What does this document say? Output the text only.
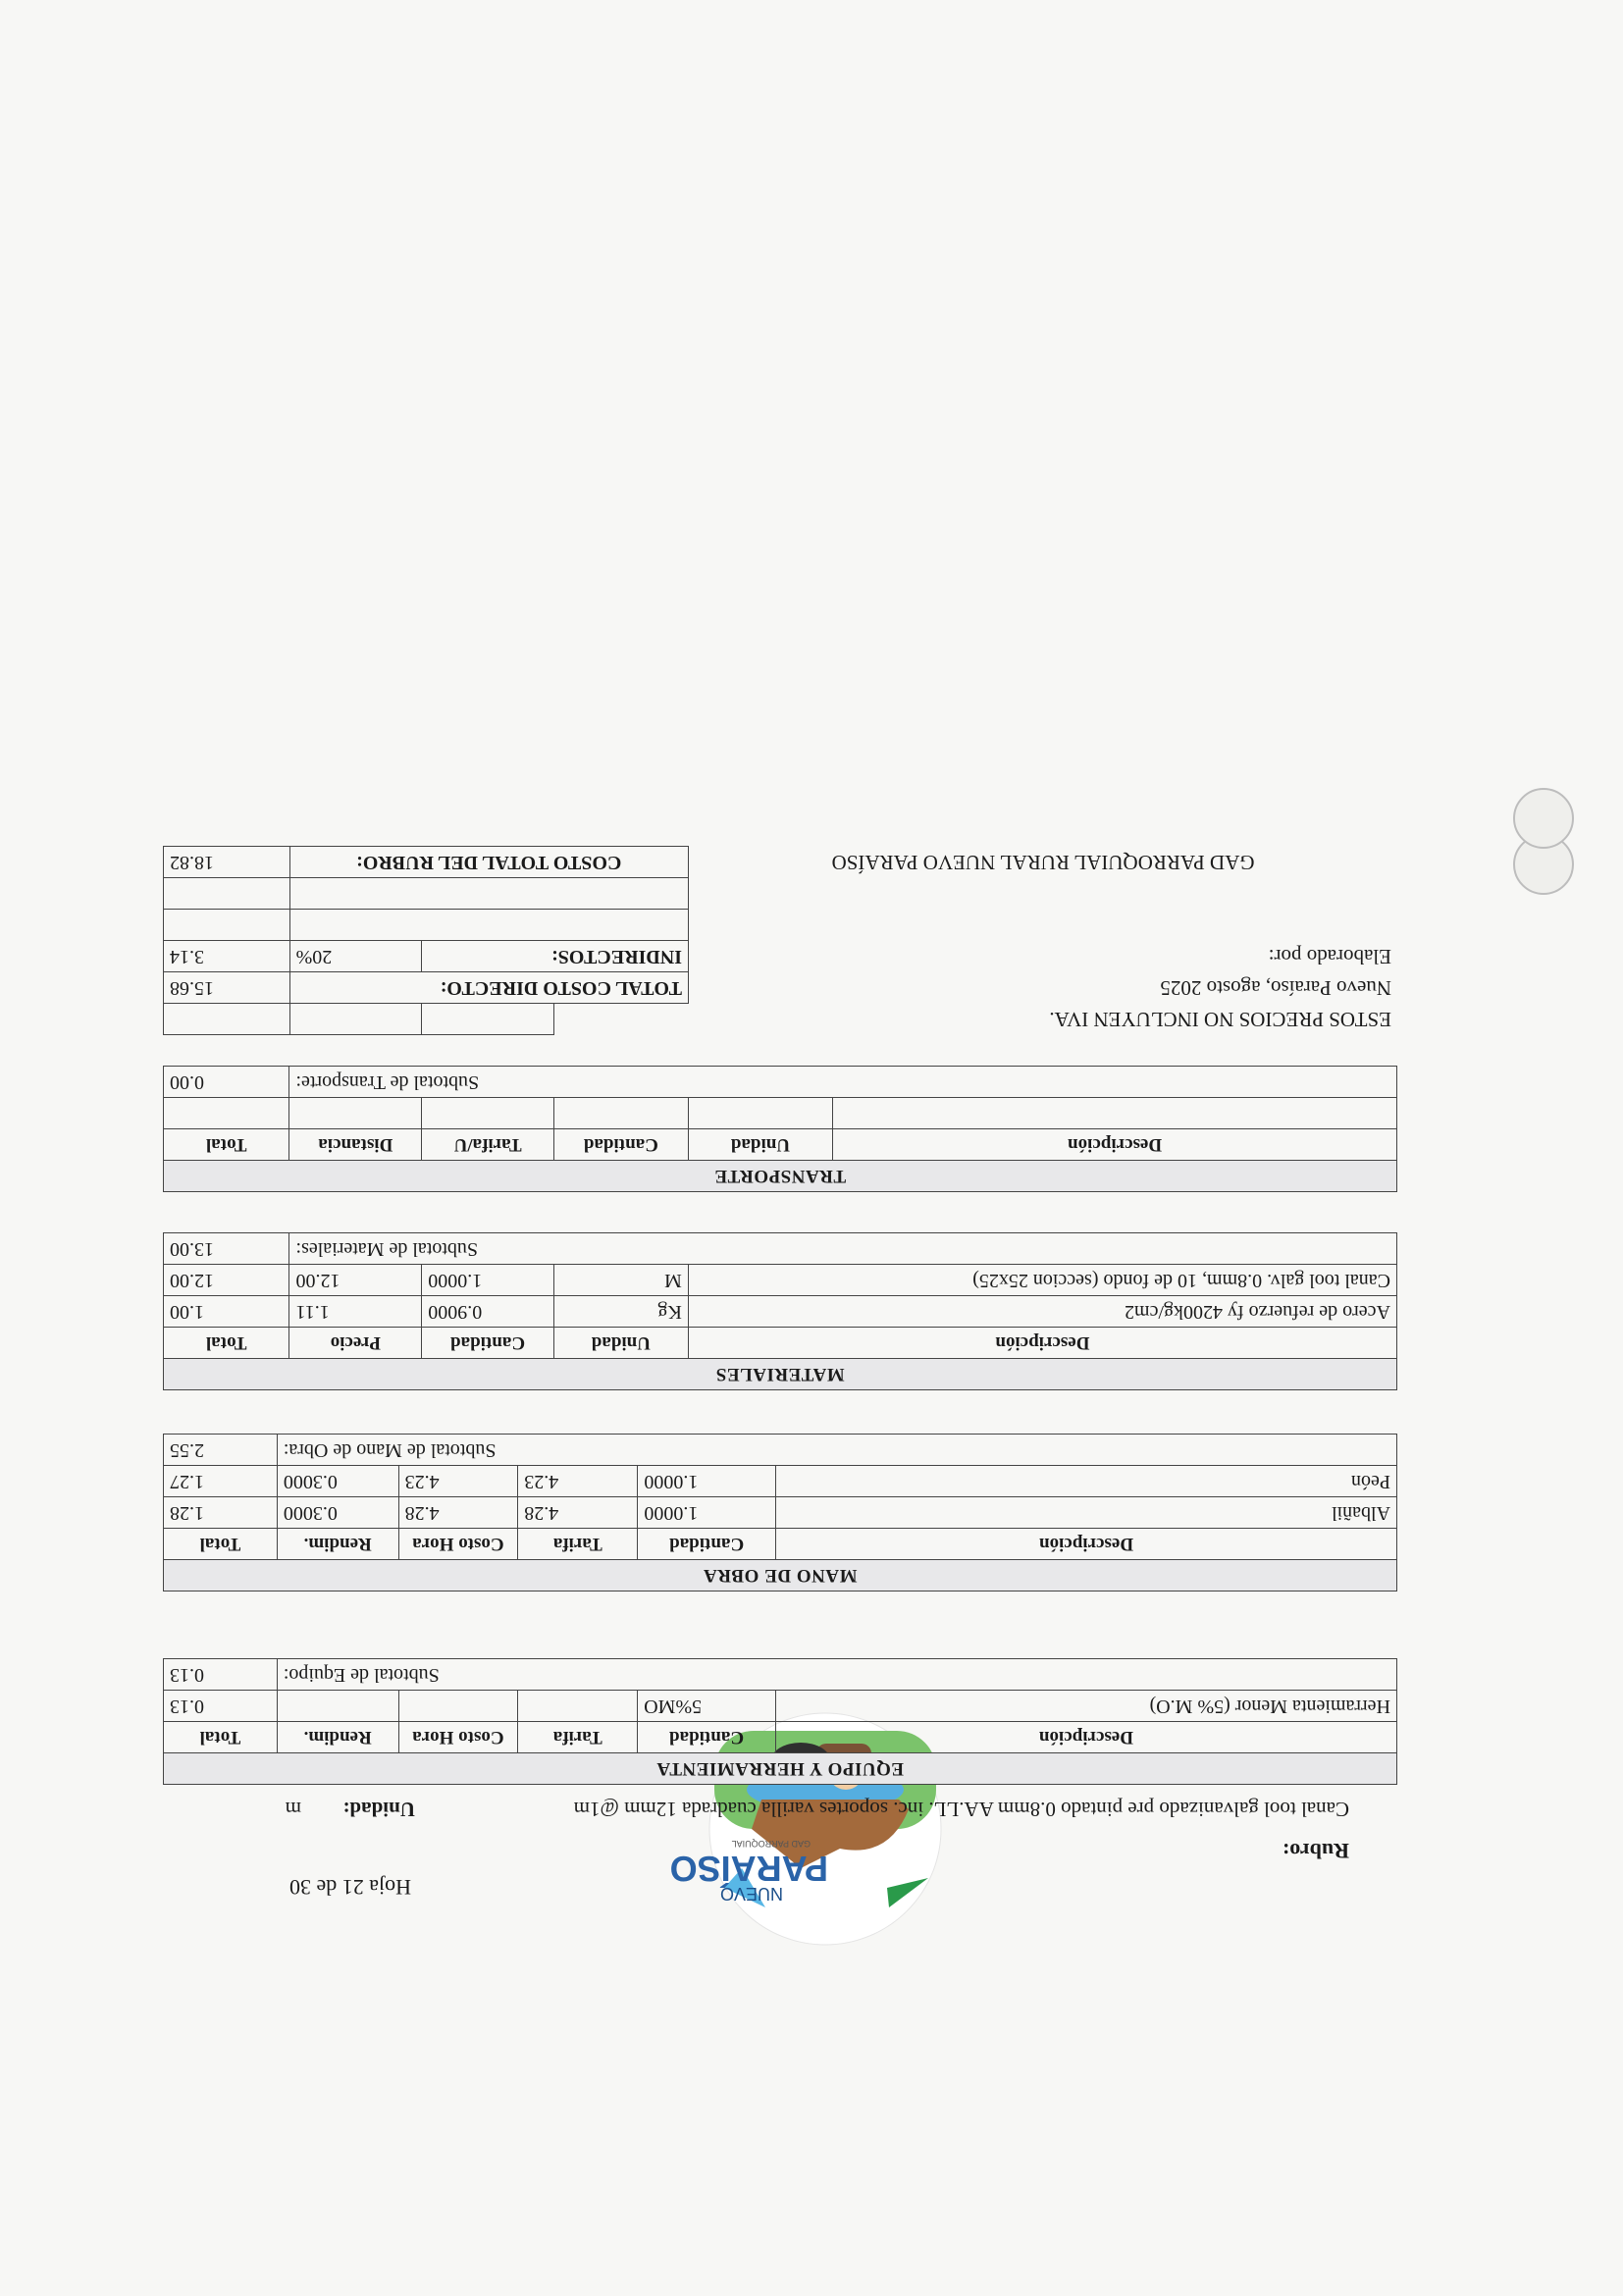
NUEVO
PARAÍSO
GAD PARROQUIAL
Hoja 21 de 30
Rubro:
Canal tool galvanizado pre pintado 0.8mm AA.LL. inc. soportes varilla cuadrada 12mm @1m
Unidad:
m
EQUIPO Y HERRAMIENTA					
Descripción	Cantidad	Tarifa	Costo Hora	Rendim.	Total
Herramienta Menor (5% M.O)	5%MO				0.13
Subtotal de Equipo:					0.13
MANO DE OBRA					
Descripción	Cantidad	Tarifa	Costo Hora	Rendim.	Total
Albañil	1.0000	4.28	4.28	0.3000	1.28
Peón	1.0000	4.23	4.23	0.3000	1.27
Subtotal de Mano de Obra:					2.55
MATERIALES				
Descripción	Unidad	Cantidad	Precio	Total
Acero de refuerzo fy 4200kg/cm2	Kg	0.9000	1.11	1.00
Canal tool galv. 0.8mm, 10 de fondo (seccion 25x25)	M	1.0000	12.00	12.00
Subtotal de Materiales:				13.00
TRANSPORTE					
Descripción	Unidad	Cantidad	Tarifa/U	Distancia	Total

Subtotal de Transporte:					0.00
ESTOS PRECIOS NO INCLUYEN IVA.				
Nuevo Paraíso, agosto 2025	TOTAL COSTO DIRECTO:			15.68
Elaborado por:	INDIRECTOS:		20%	3.14

GAD PARROQUIAL RURAL NUEVO PARAÍSO	COSTO TOTAL DEL RUBRO:			18.82
